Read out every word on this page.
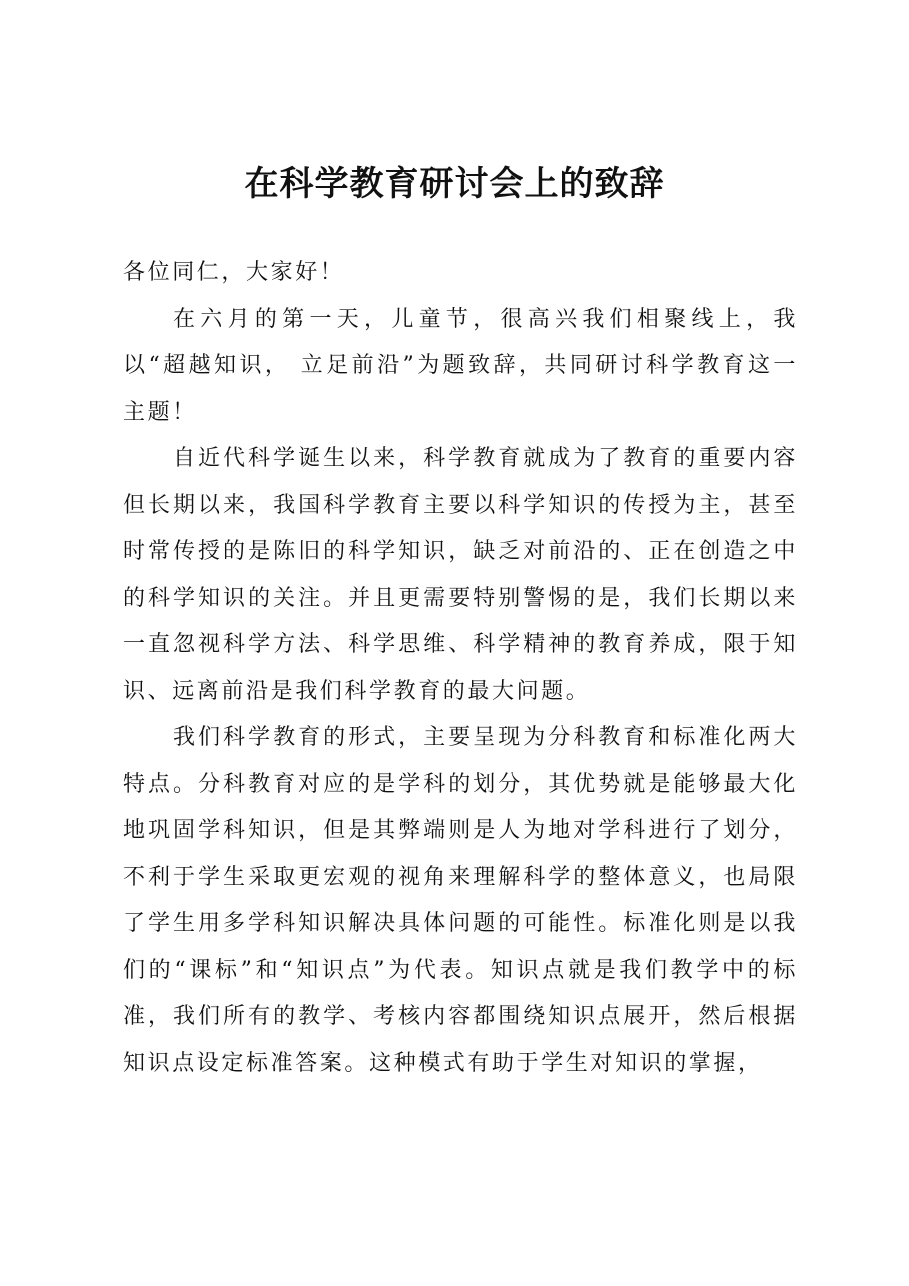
在科学教育研讨会上的致辞

各位同仁，大家好！

在六月的第一天，儿童节，很高兴我们相聚线上，我以“超越知识， 立足前沿”为题致辞，共同研讨科学教育这一主题！

自近代科学诞生以来，科学教育就成为了教育的重要内容但长期以来，我国科学教育主要以科学知识的传授为主，甚至时常传授的是陈旧的科学知识，缺乏对前沿的、正在创造之中的科学知识的关注。并且更需要特别警惕的是，我们长期以来一直忽视科学方法、科学思维、科学精神的教育养成，限于知识、远离前沿是我们科学教育的最大问题。

我们科学教育的形式，主要呈现为分科教育和标准化两大特点。分科教育对应的是学科的划分，其优势就是能够最大化地巩固学科知识，但是其弊端则是人为地对学科进行了划分，不利于学生采取更宏观的视角来理解科学的整体意义，也局限了学生用多学科知识解决具体问题的可能性。标准化则是以我们的“课标”和“知识点”为代表。知识点就是我们教学中的标准，我们所有的教学、考核内容都围绕知识点展开，然后根据知识点设定标准答案。这种模式有助于学生对知识的掌握，
